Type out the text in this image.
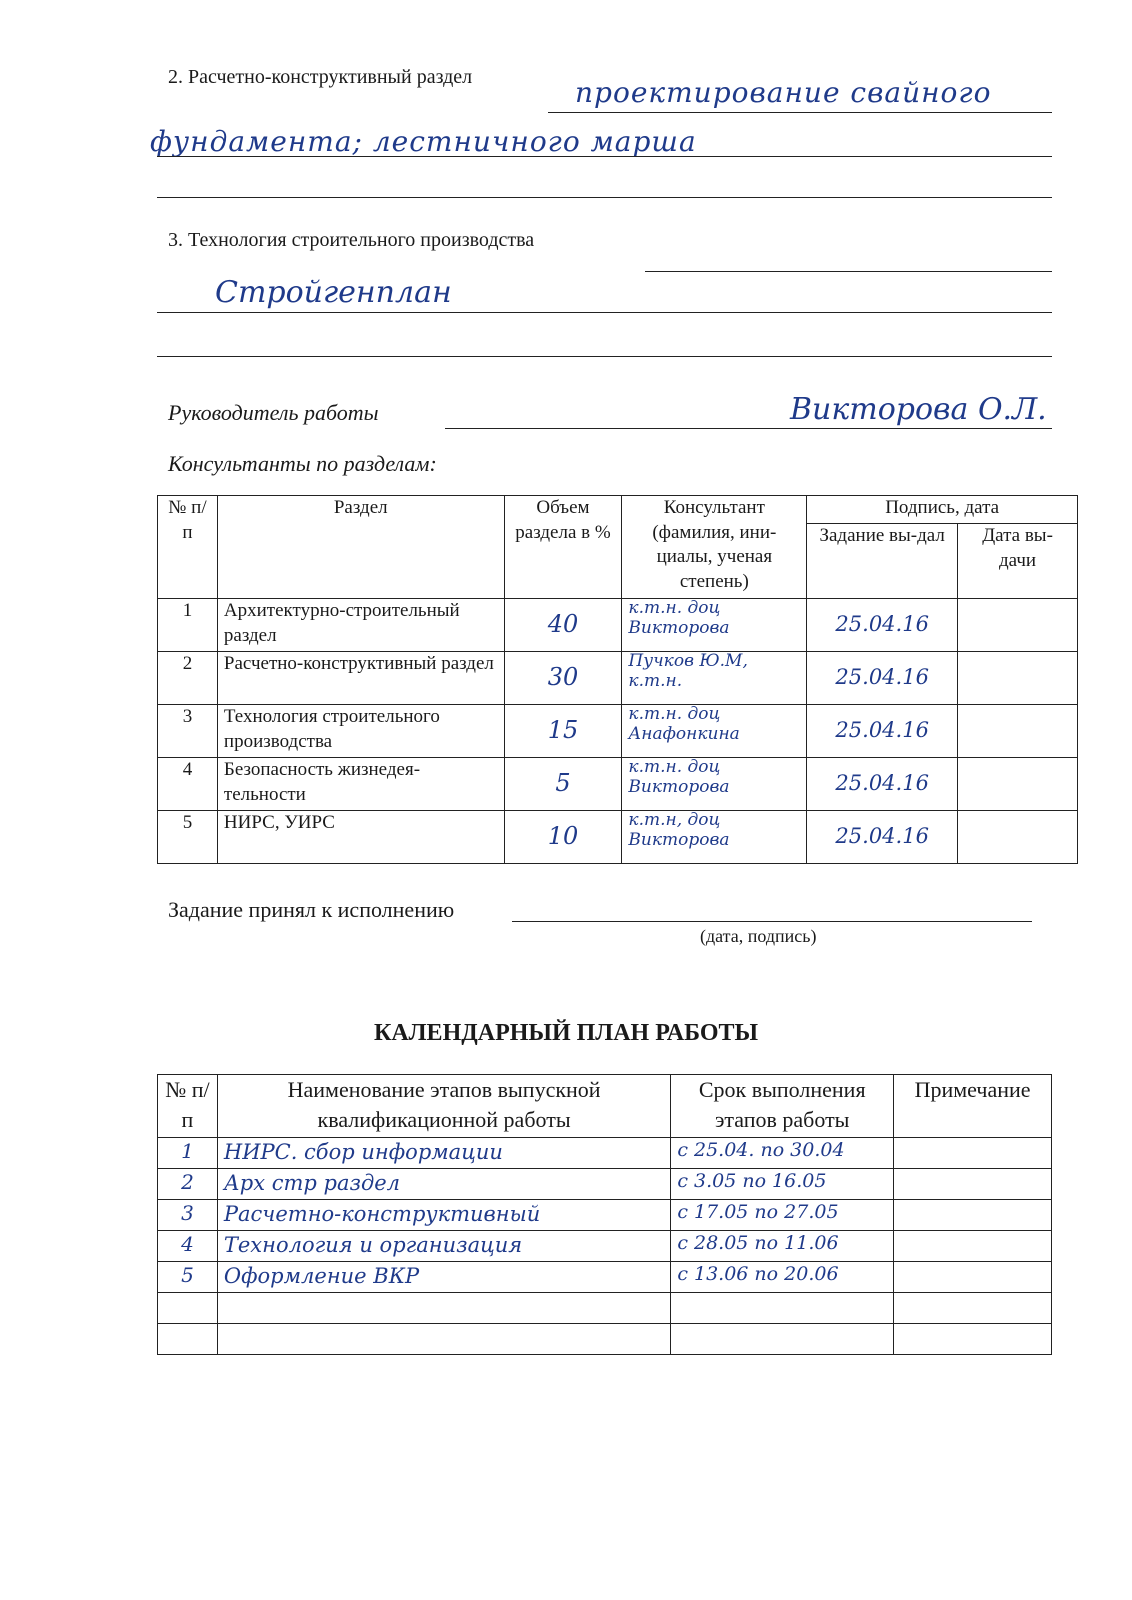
2. Расчетно-конструктивный раздел	проектирование свайного
фундамента; лестничного марша
3. Технология строительного производства
Стройгенплан
Руководитель работы	Викторова О.Л.
Консультанты по разделам:
№ п/п	Раздел	Объем раздела в %	Консультант (фамилия, ини-циалы, ученая степень)	Подпись, дата	
				Задание вы-дал	Дата вы-дачи
1	Архитектурно-строительный раздел	40	к.т.н. доц Викторова	25.04.16	
2	Расчетно-конструктивный раздел	30	Пучков Ю.М, к.т.н.	25.04.16	
3	Технология строительного производства	15	к.т.н. доц Анафонкина	25.04.16	
4	Безопасность жизнедея-тельности	5	к.т.н. доц Викторова	25.04.16	
5	НИРС, УИРС	10	к.т.н, доц Викторова	25.04.16	
Задание принял к исполнению
(дата, подпись)
КАЛЕНДАРНЫЙ ПЛАН РАБОТЫ
№ п/п	Наименование этапов выпускной квалификационной работы	Срок выполнения этапов работы	Примечание
1	НИРС. сбор информации	с 25.04. по 30.04	
2	Арх стр раздел	с 3.05 по 16.05	
3	Расчетно-конструктивный	с 17.05 по 27.05	
4	Технология и организация	с 28.05 по 11.06	
5	Оформление ВКР	с 13.06 по 20.06	
